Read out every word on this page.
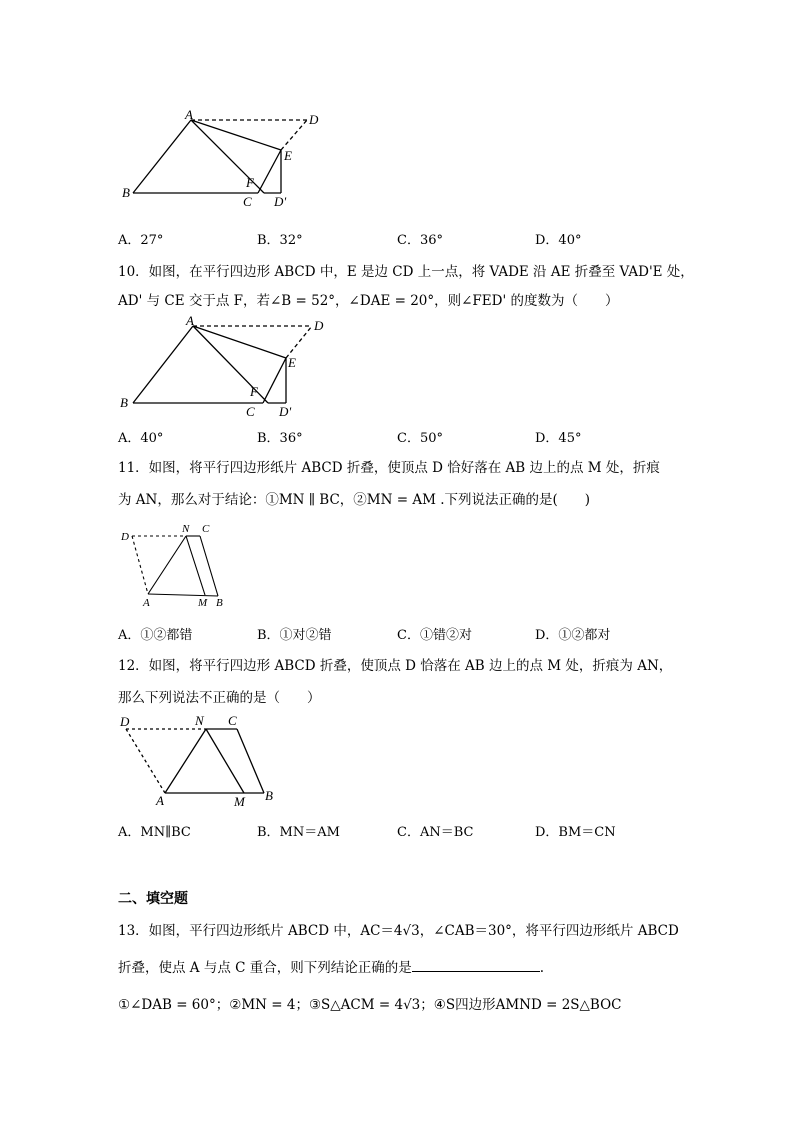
A
B
C
D
E
F
D'
A．27°	B．32°	C．36°	D．40°
10．如图，在平行四边形 ABCD 中，E 是边 CD 上一点，将 VADE 沿 AE 折叠至 VAD'E 处，
AD' 与 CE 交于点 F，若∠B = 52°，∠DAE = 20°，则∠FED' 的度数为（　　）
A
B
C
D
E
F
D'
A．40°	B．36°	C．50°	D．45°
11．如图，将平行四边形纸片 ABCD 折叠，使顶点 D 恰好落在 AB 边上的点 M 处，折痕
为 AN，那么对于结论：①MN ∥ BC，②MN = AM .下列说法正确的是(　　)
D
N C
A	M B
A．①②都错	B．①对②错	C．①错②对	D．①②都对
12．如图，将平行四边形 ABCD 折叠，使顶点 D 恰落在 AB 边上的点 M 处，折痕为 AN，
那么下列说法不正确的是（　　）
D	N C
A	M B
A．MN∥BC	B．MN＝AM	C．AN＝BC	D．BM＝CN
二、填空题
13．如图，平行四边形纸片 ABCD 中，AC＝4√3，∠CAB＝30°，将平行四边形纸片 ABCD
折叠，使点 A 与点 C 重合，则下列结论正确的是	.
①∠DAB = 60°；②MN = 4；③S△ACM = 4√3；④S四边形AMND = 2S△BOC
